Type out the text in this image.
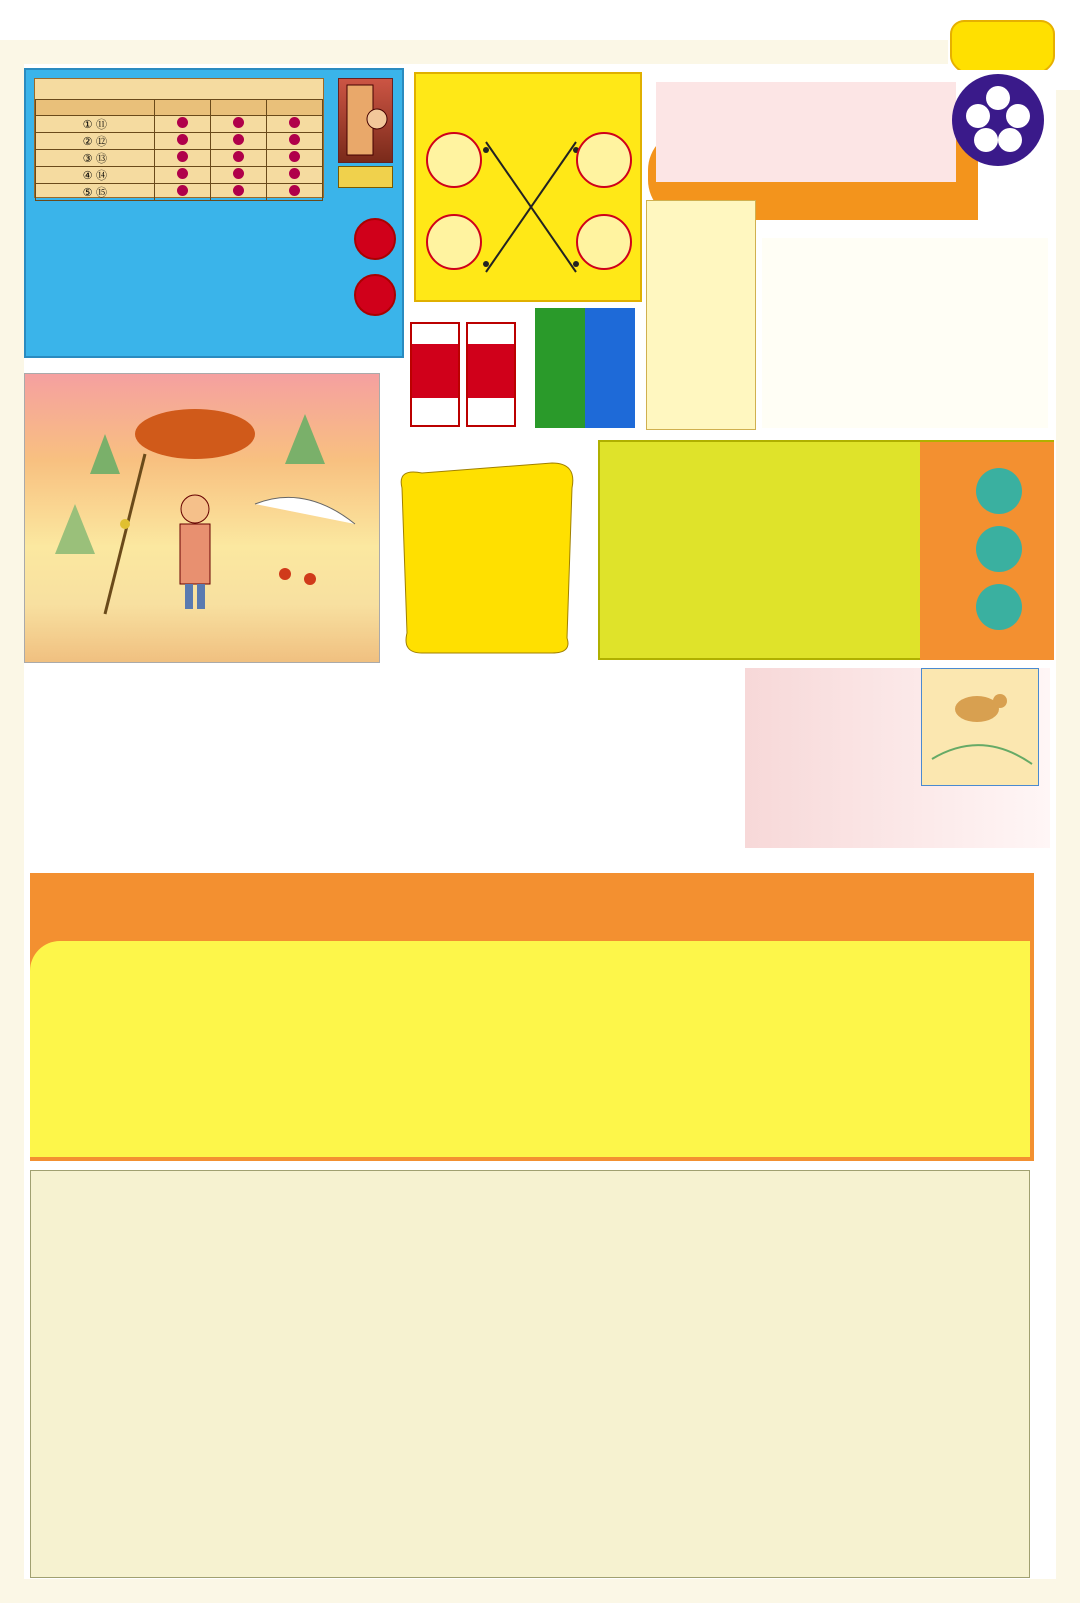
① ⑪			
② ⑫			
③ ⑬			
④ ⑭			
⑤ ⑮			
